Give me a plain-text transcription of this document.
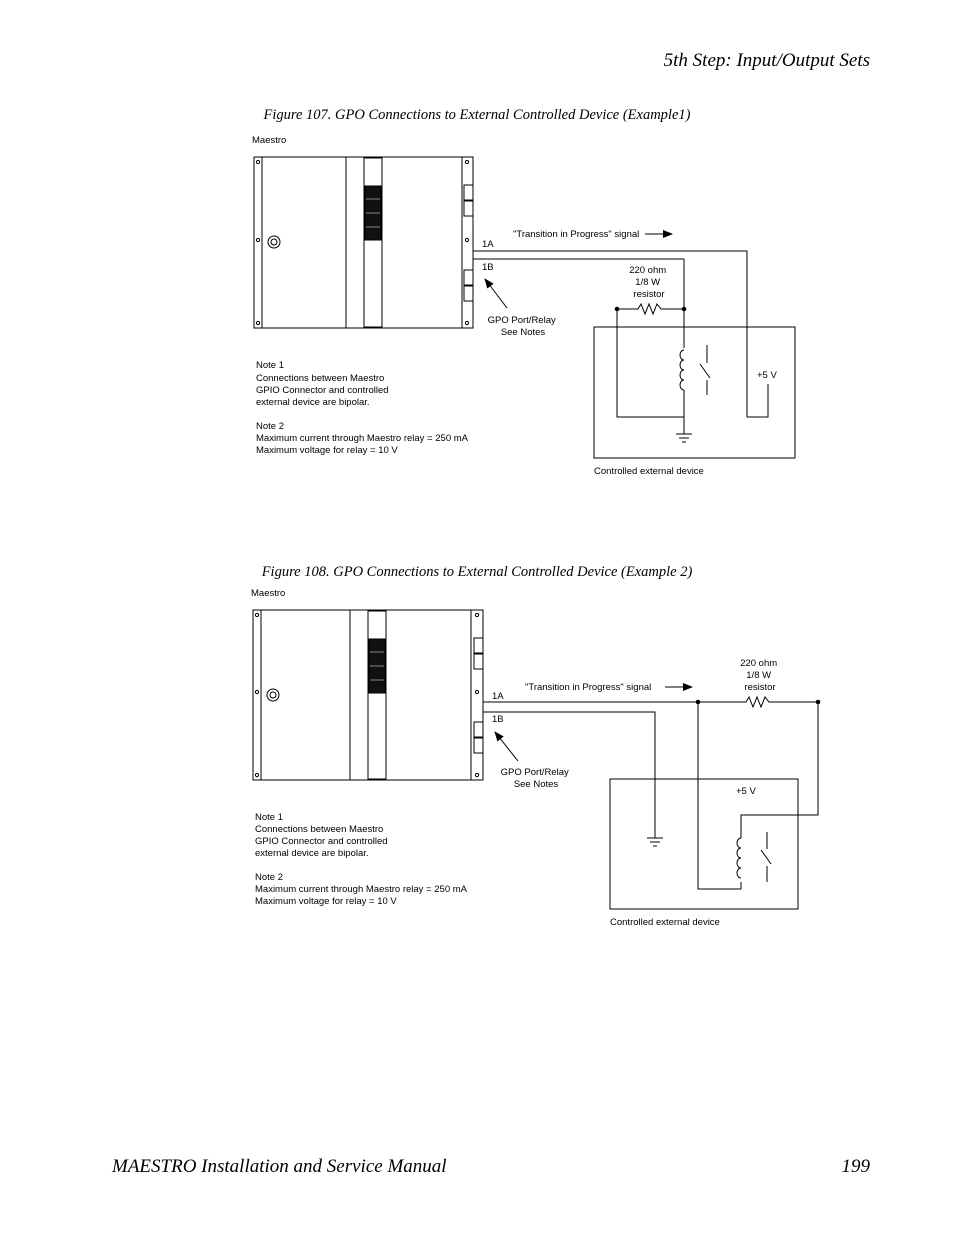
5th Step: Input/Output Sets
Figure 107. GPO Connections to External Controlled Device (Example1)
Figure 108. GPO Connections to External Controlled Device (Example 2)
Maestro
1A
1B
"Transition in Progress" signal
220 ohm 1/8 W resistor
GPO Port/Relay See Notes
+5 V
Controlled external device
Note 1 Connections between Maestro GPIO Connector and controlled external device are bipolar.
Note 2 Maximum current through Maestro relay = 250 mA Maximum voltage for relay = 10 V
Maestro
1A
1B
"Transition in Progress" signal
220 ohm 1/8 W resistor
GPO Port/Relay See Notes
+5 V
Controlled external device
Note 1 Connections between Maestro GPIO Connector and controlled external device are bipolar.
Note 2 Maximum current through Maestro relay = 250 mA Maximum voltage for relay = 10 V
MAESTRO Installation and Service Manual	199
